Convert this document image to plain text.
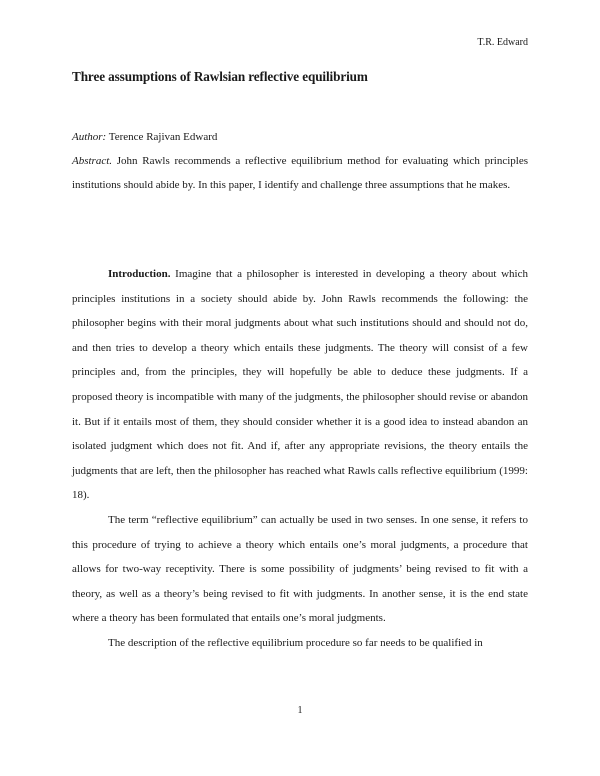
T.R. Edward
Three assumptions of Rawlsian reflective equilibrium
Author: Terence Rajivan Edward
Abstract. John Rawls recommends a reflective equilibrium method for evaluating which principles institutions should abide by. In this paper, I identify and challenge three assumptions that he makes.

Introduction. Imagine that a philosopher is interested in developing a theory about which principles institutions in a society should abide by. John Rawls recommends the following: the philosopher begins with their moral judgments about what such institutions should and should not do, and then tries to develop a theory which entails these judgments. The theory will consist of a few principles and, from the principles, they will hopefully be able to deduce these judgments. If a proposed theory is incompatible with many of the judgments, the philosopher should revise or abandon it. But if it entails most of them, they should consider whether it is a good idea to instead abandon an isolated judgment which does not fit. And if, after any appropriate revisions, the theory entails the judgments that are left, then the philosopher has reached what Rawls calls reflective equilibrium (1999: 18).

The term “reflective equilibrium” can actually be used in two senses. In one sense, it refers to this procedure of trying to achieve a theory which entails one’s moral judgments, a procedure that allows for two-way receptivity. There is some possibility of judgments’ being revised to fit with a theory, as well as a theory’s being revised to fit with judgments. In another sense, it is the end state where a theory has been formulated that entails one’s moral judgments.

The description of the reflective equilibrium procedure so far needs to be qualified in

1
